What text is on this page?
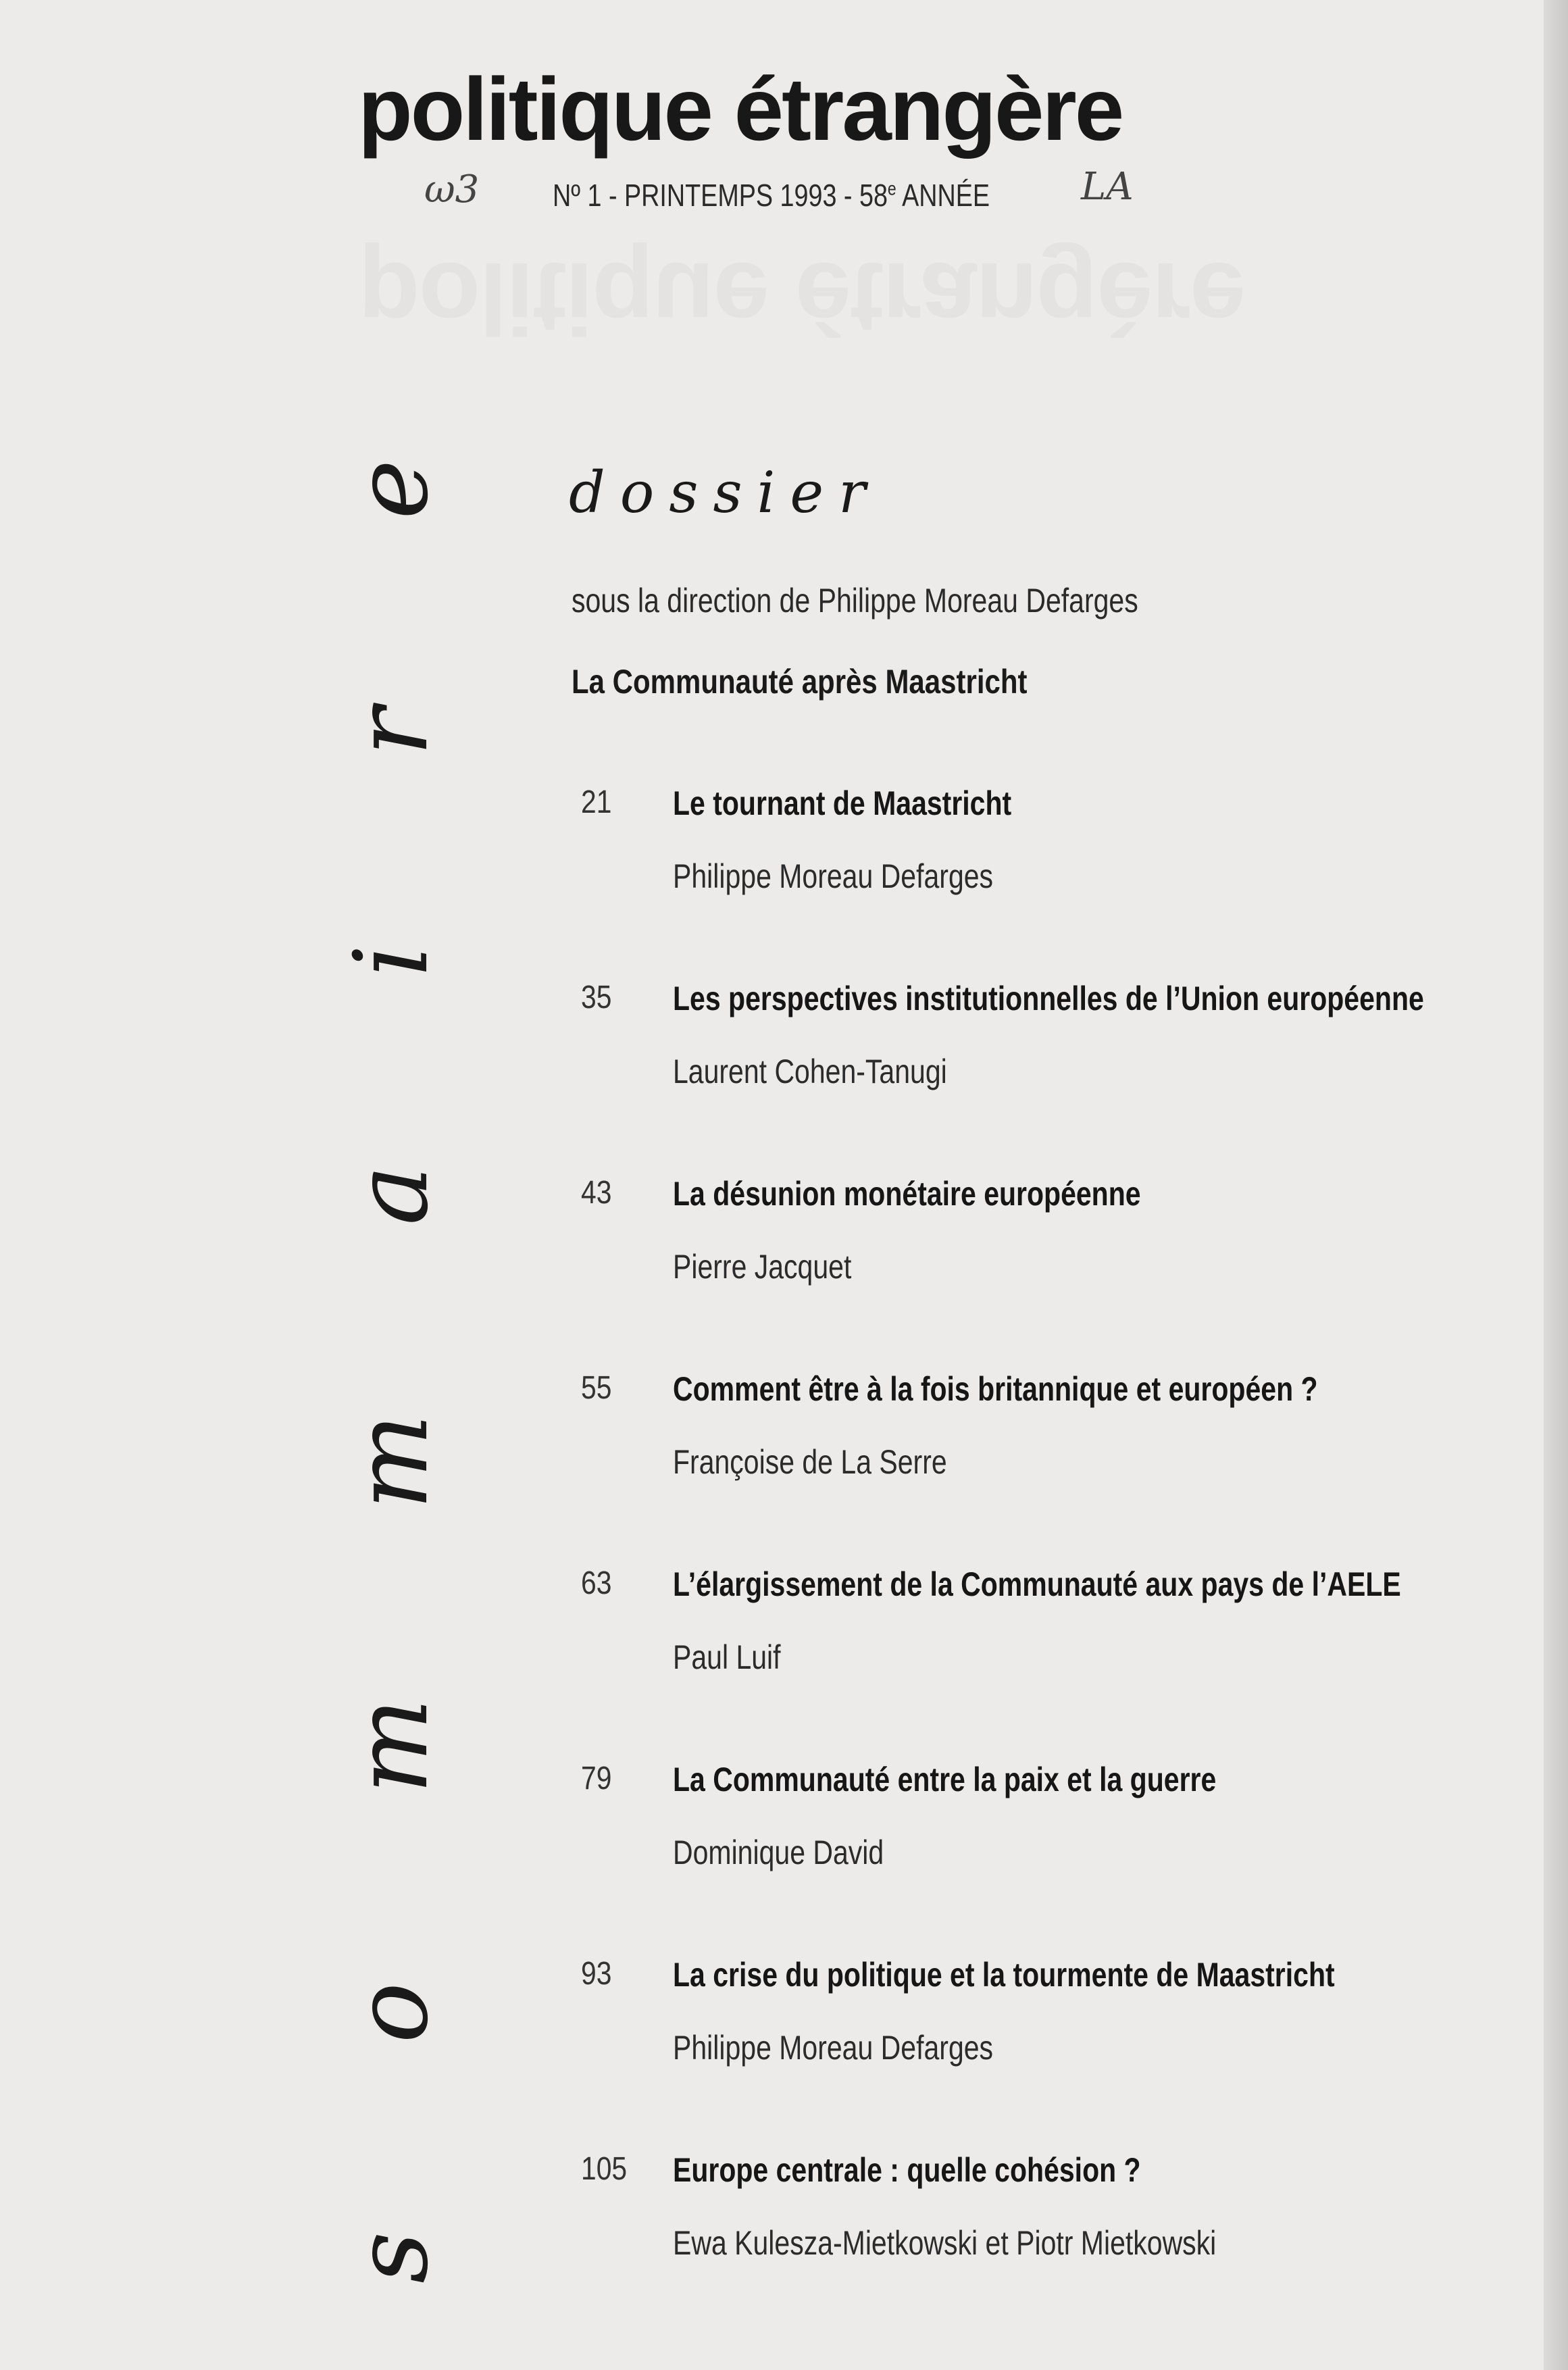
politique étrangère
politique étrangère
ω3 Nº 1 - PRINTEMPS 1993 - 58e ANNÉE LA
s
o
m
m
a
i
r
e dossier
sous la direction de Philippe Moreau Defarges
La Communauté après Maastricht
21 Le tournant de Maastricht
Philippe Moreau Defarges
35 Les perspectives institutionnelles de l’Union européenne
Laurent Cohen-Tanugi
43 La désunion monétaire européenne
Pierre Jacquet
55 Comment être à la fois britannique et européen ?
Françoise de La Serre
63 L’élargissement de la Communauté aux pays de l’AELE
Paul Luif
79 La Communauté entre la paix et la guerre
Dominique David
93 La crise du politique et la tourmente de Maastricht
Philippe Moreau Defarges
105 Europe centrale : quelle cohésion ?
Ewa Kulesza-Mietkowski et Piotr Mietkowski
